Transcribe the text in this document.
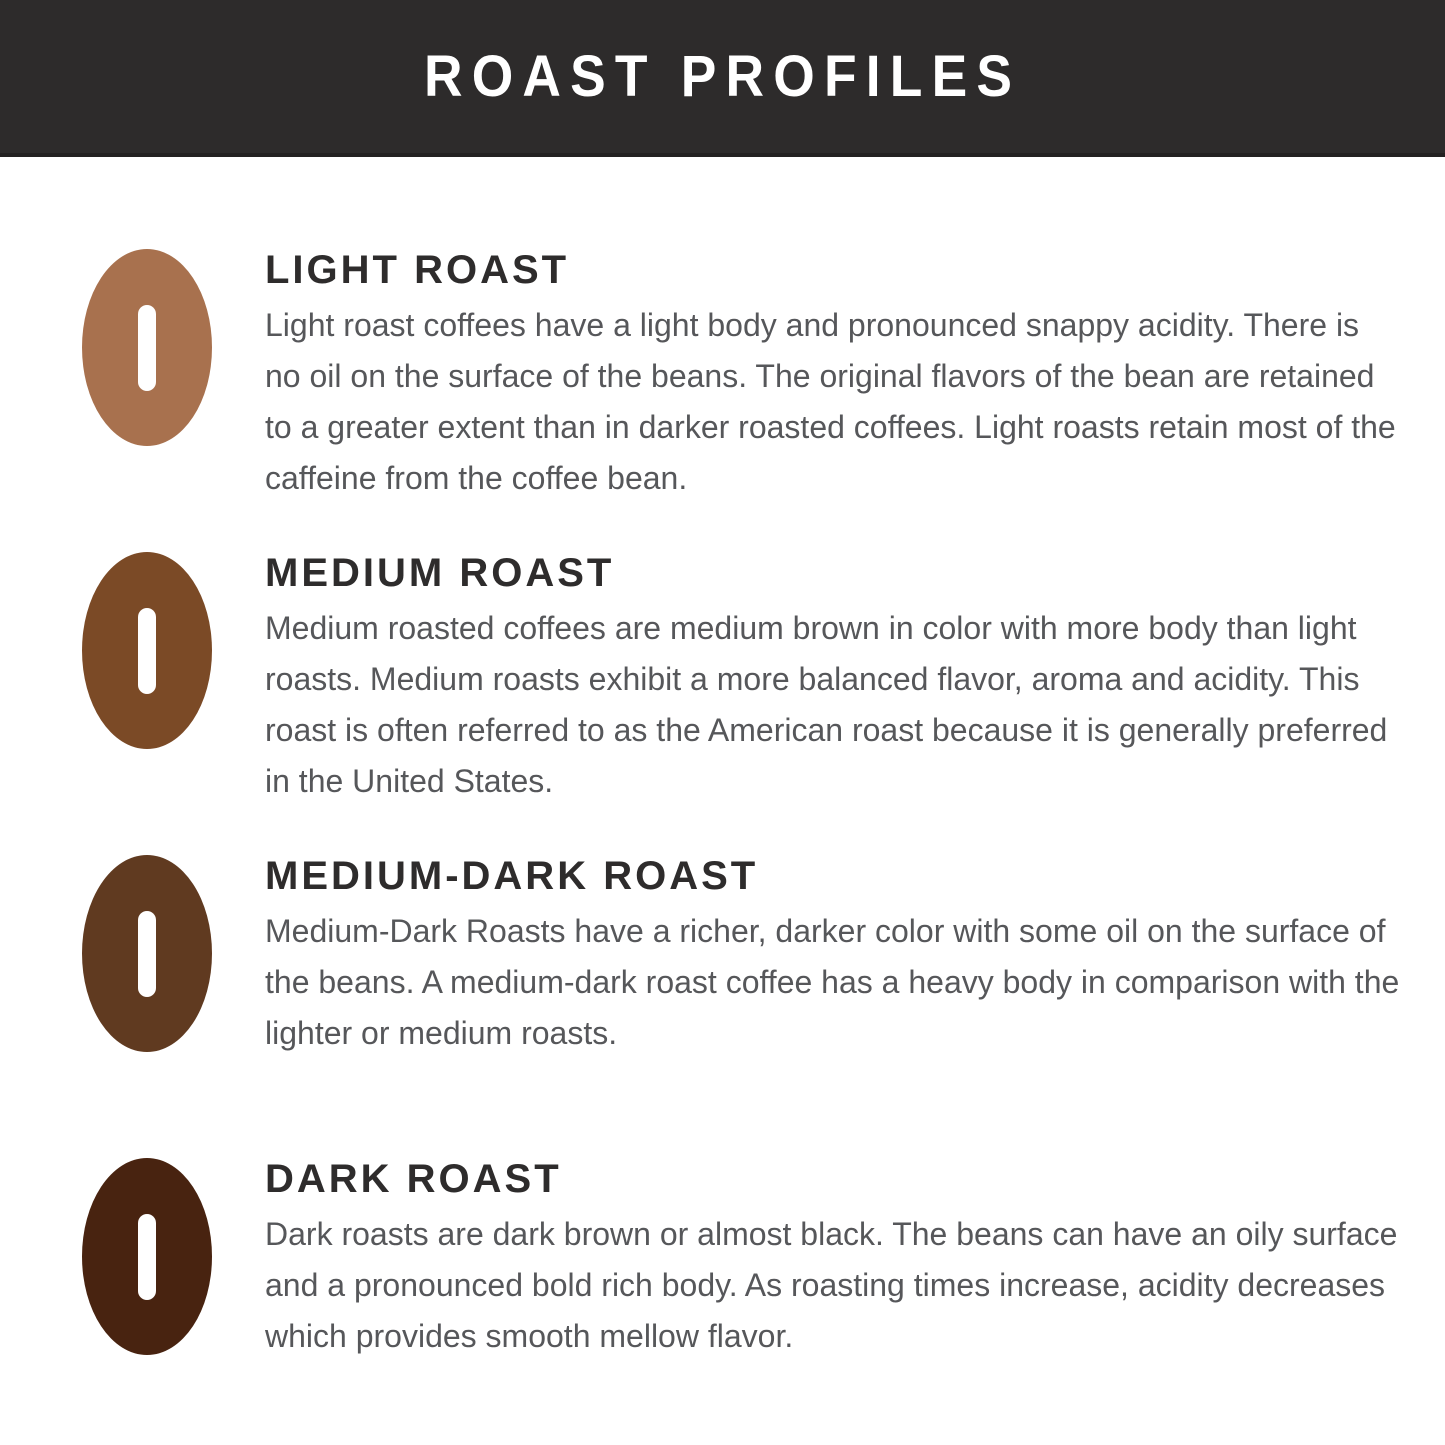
ROAST PROFILES
LIGHT ROAST
Light roast coffees have a light body and pronounced snappy acidity. There is no oil on the surface of the beans. The original flavors of the bean are retained to a greater extent than in darker roasted coffees. Light roasts retain most of the caffeine from the coffee bean.
MEDIUM ROAST
Medium roasted coffees are medium brown in color with more body than light roasts. Medium roasts exhibit a more balanced flavor, aroma and acidity. This roast is often referred to as the American roast because it is generally preferred in the United States.
MEDIUM-DARK ROAST
Medium-Dark Roasts have a richer, darker color with some oil on the surface of the beans. A medium-dark roast coffee has a heavy body in comparison with the lighter or medium roasts.
DARK ROAST
Dark roasts are dark brown or almost black. The beans can have an oily surface and a pronounced bold rich body. As roasting times increase, acidity decreases which provides smooth mellow flavor.
